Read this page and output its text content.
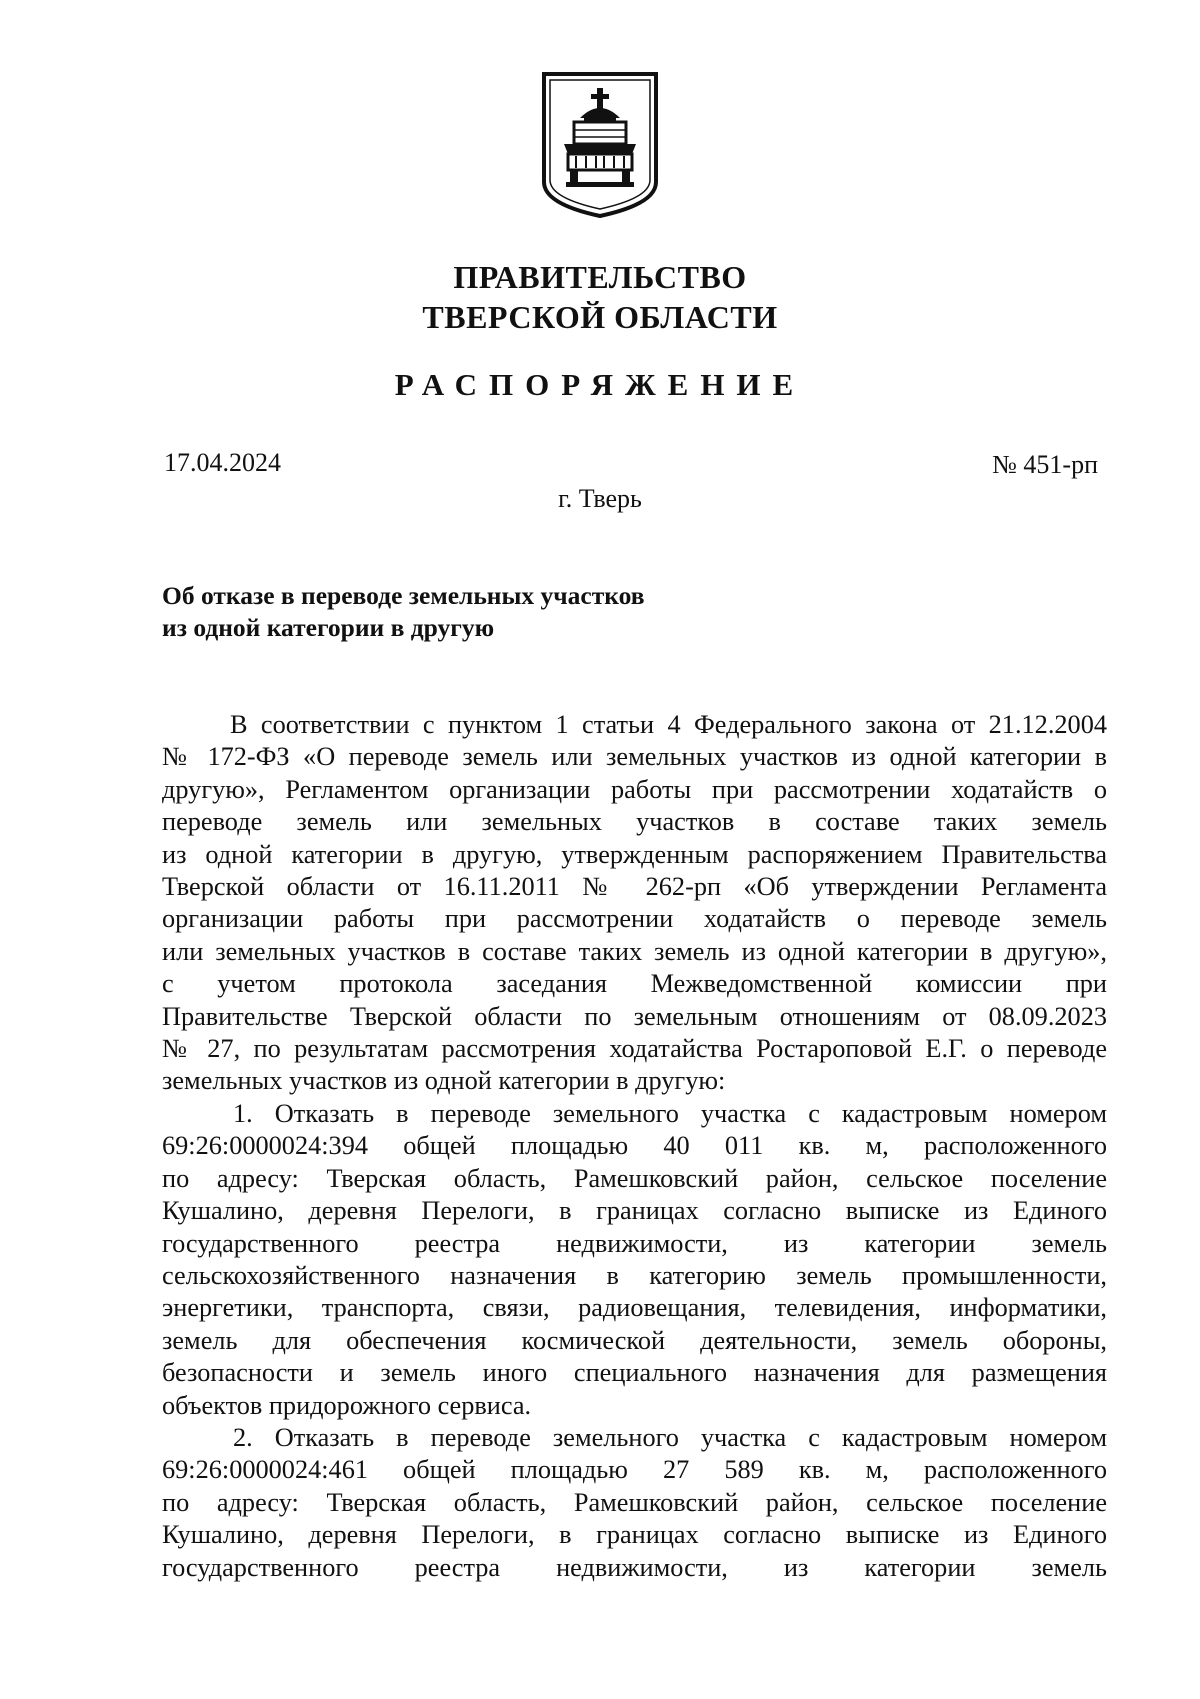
ПРАВИТЕЛЬСТВО
ТВЕРСКОЙ ОБЛАСТИ
РАСПОРЯЖЕНИЕ
17.04.2024	№ 451-рп
г. Тверь
Об отказе в переводе земельных участков
из одной категории в другую

В соответствии с пунктом 1 статьи 4 Федерального закона от 21.12.2004
№ 172-ФЗ «О переводе земель или земельных участков из одной категории в
другую», Регламентом организации работы при рассмотрении ходатайств о
переводе земель или земельных участков в составе таких земель
из одной категории в другую, утвержденным распоряжением Правительства
Тверской области от 16.11.2011 № 262-рп «Об утверждении Регламента
организации работы при рассмотрении ходатайств о переводе земель
или земельных участков в составе таких земель из одной категории в другую»,
с учетом протокола заседания Межведомственной комиссии при
Правительстве Тверской области по земельным отношениям от 08.09.2023
№ 27, по результатам рассмотрения ходатайства Ростароповой Е.Г. о переводе
земельных участков из одной категории в другую:

1. Отказать в переводе земельного участка с кадастровым номером
69:26:0000024:394 общей площадью 40 011 кв. м, расположенного
по адресу: Тверская область, Рамешковский район, сельское поселение
Кушалино, деревня Перелоги, в границах согласно выписке из Единого
государственного реестра недвижимости, из категории земель
сельскохозяйственного назначения в категорию земель промышленности,
энергетики, транспорта, связи, радиовещания, телевидения, информатики,
земель для обеспечения космической деятельности, земель обороны,
безопасности и земель иного специального назначения для размещения
объектов придорожного сервиса.

2. Отказать в переводе земельного участка с кадастровым номером
69:26:0000024:461 общей площадью 27 589 кв. м, расположенного
по адресу: Тверская область, Рамешковский район, сельское поселение
Кушалино, деревня Перелоги, в границах согласно выписке из Единого
государственного реестра недвижимости, из категории земель
